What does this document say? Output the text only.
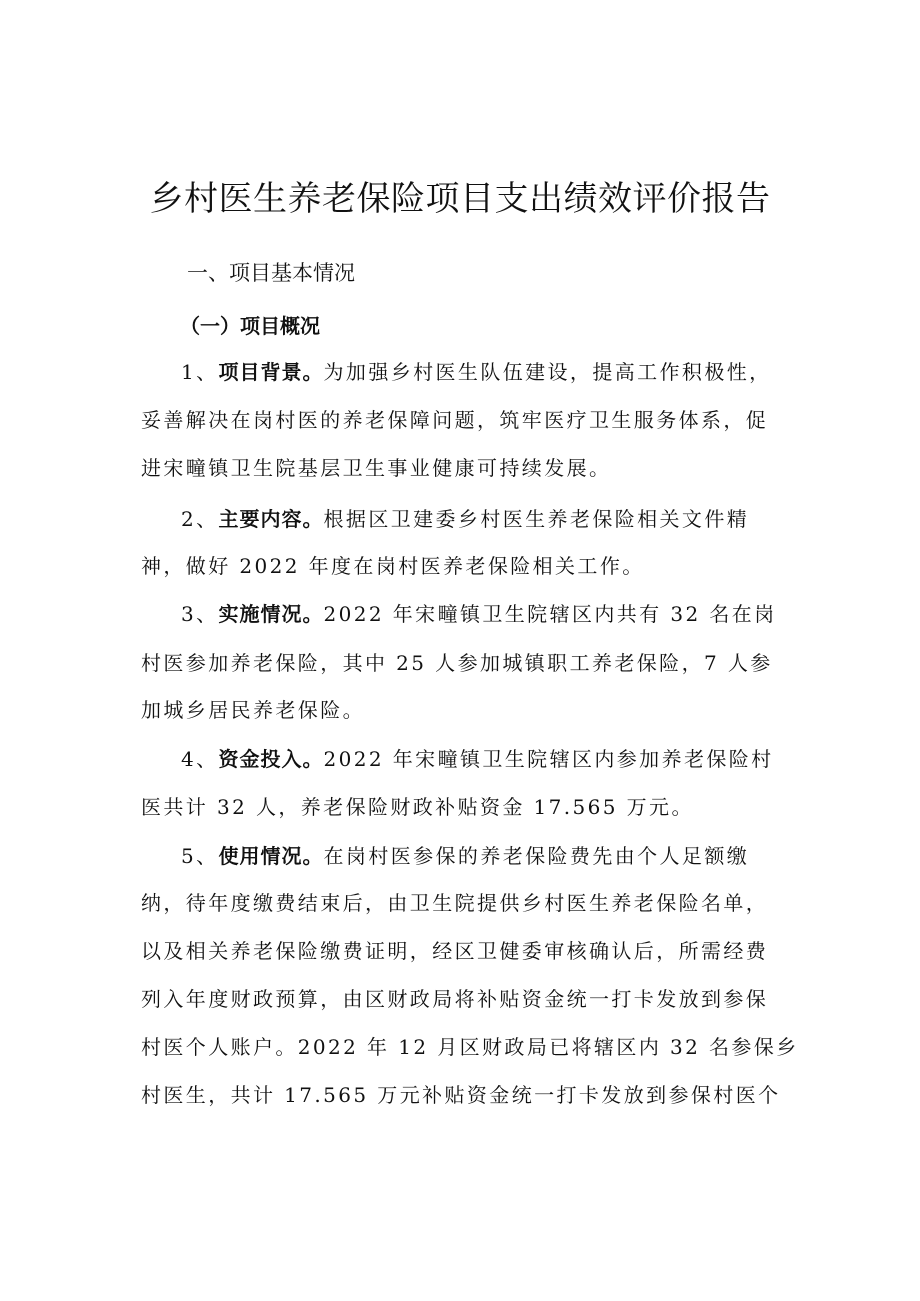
乡村医生养老保险项目支出绩效评价报告
一、项目基本情况
（一）项目概况
1、项目背景。为加强乡村医生队伍建设，提高工作积极性，
妥善解决在岗村医的养老保障问题，筑牢医疗卫生服务体系，促
进宋疃镇卫生院基层卫生事业健康可持续发展。
2、主要内容。根据区卫建委乡村医生养老保险相关文件精
神，做好 2022 年度在岗村医养老保险相关工作。
3、实施情况。2022 年宋疃镇卫生院辖区内共有 32 名在岗
村医参加养老保险，其中 25 人参加城镇职工养老保险，7 人参
加城乡居民养老保险。
4、资金投入。2022 年宋疃镇卫生院辖区内参加养老保险村
医共计 32 人，养老保险财政补贴资金 17.565 万元。
5、使用情况。在岗村医参保的养老保险费先由个人足额缴
纳，待年度缴费结束后，由卫生院提供乡村医生养老保险名单，
以及相关养老保险缴费证明，经区卫健委审核确认后，所需经费
列入年度财政预算，由区财政局将补贴资金统一打卡发放到参保
村医个人账户。2022 年 12 月区财政局已将辖区内 32 名参保乡
村医生，共计 17.565 万元补贴资金统一打卡发放到参保村医个
